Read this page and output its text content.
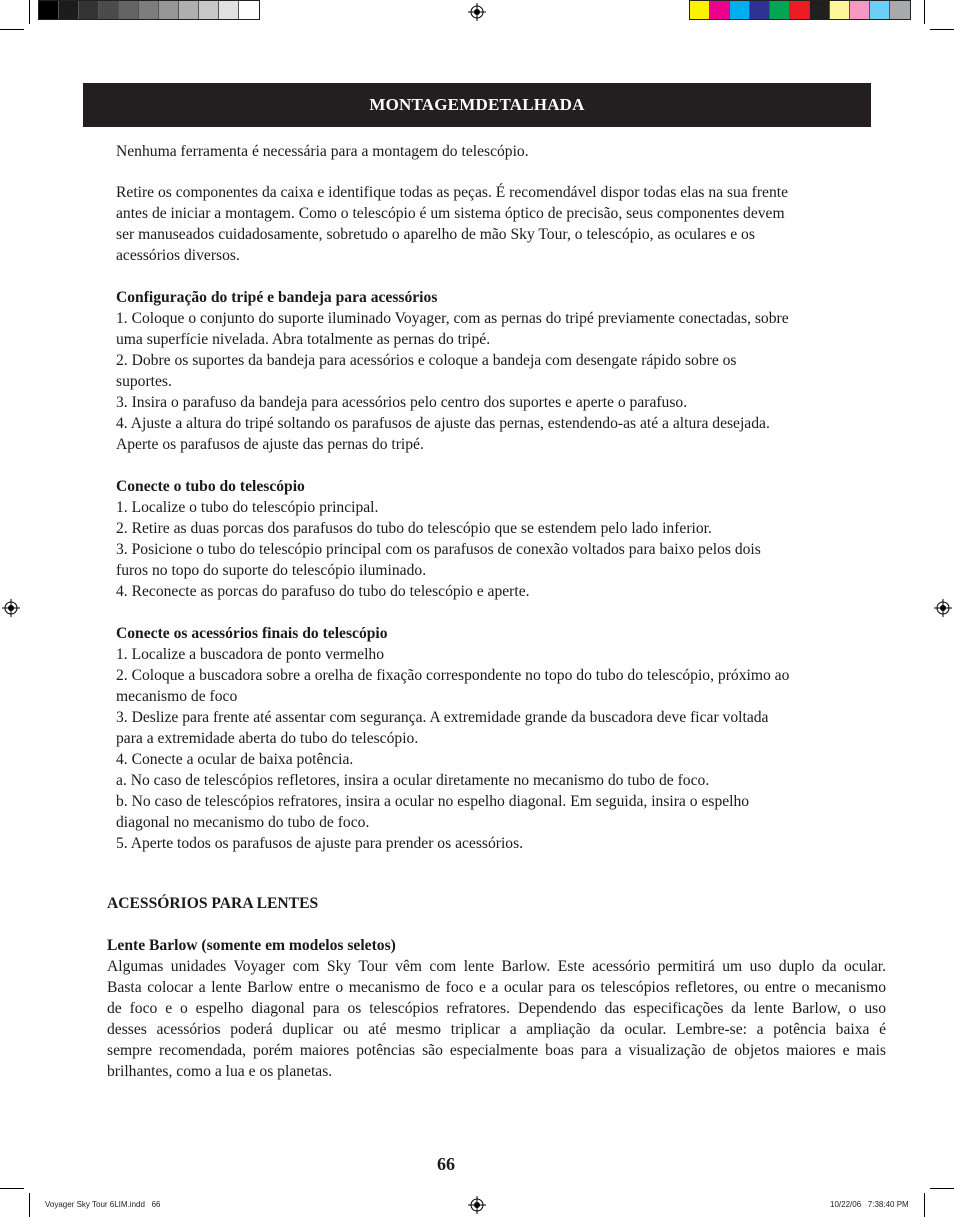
MONTAGEMDETALHADA
Nenhuma ferramenta é necessária para a montagem do telescópio.
Retire os componentes da caixa e identifique todas as peças. É recomendável dispor todas elas na sua frente
antes de iniciar a montagem. Como o telescópio é um sistema óptico de precisão, seus componentes devem
ser manuseados cuidadosamente, sobretudo o aparelho de mão Sky Tour, o telescópio, as oculares e os
acessórios diversos.
Configuração do tripé e bandeja para acessórios
1. Coloque o conjunto do suporte iluminado Voyager, com as pernas do tripé previamente conectadas, sobre
uma superfície nivelada. Abra totalmente as pernas do tripé.
2. Dobre os suportes da bandeja para acessórios e coloque a bandeja com desengate rápido sobre os
suportes.
3. Insira o parafuso da bandeja para acessórios pelo centro dos suportes e aperte o parafuso.
4. Ajuste a altura do tripé soltando os parafusos de ajuste das pernas, estendendo-as até a altura desejada.
Aperte os parafusos de ajuste das pernas do tripé.
Conecte o tubo do telescópio
1. Localize o tubo do telescópio principal.
2. Retire as duas porcas dos parafusos do tubo do telescópio que se estendem pelo lado inferior.
3. Posicione o tubo do telescópio principal com os parafusos de conexão voltados para baixo pelos dois
furos no topo do suporte do telescópio iluminado.
4. Reconecte as porcas do parafuso do tubo do telescópio e aperte.
Conecte os acessórios finais do telescópio
1. Localize a buscadora de ponto vermelho
2. Coloque a buscadora sobre a orelha de fixação correspondente no topo do tubo do telescópio, próximo ao
mecanismo de foco
3. Deslize para frente até assentar com segurança. A extremidade grande da buscadora deve ficar voltada
para a extremidade aberta do tubo do telescópio.
4. Conecte a ocular de baixa potência.
a. No caso de telescópios refletores, insira a ocular diretamente no mecanismo do tubo de foco.
b. No caso de telescópios refratores, insira a ocular no espelho diagonal. Em seguida, insira o espelho
diagonal no mecanismo do tubo de foco.
5. Aperte todos os parafusos de ajuste para prender os acessórios.
ACESSÓRIOS PARA LENTES
Lente Barlow (somente em modelos seletos)
Algumas unidades Voyager com Sky Tour vêm com lente Barlow. Este acessório permitirá um uso duplo da ocular.
Basta colocar a lente Barlow entre o mecanismo de foco e a ocular para os telescópios refletores, ou entre o mecanismo
de foco e o espelho diagonal para os telescópios refratores. Dependendo das especificações da lente Barlow, o uso
desses acessórios poderá duplicar ou até mesmo triplicar a ampliação da ocular. Lembre-se: a potência baixa é
sempre recomendada, porém maiores potências são especialmente boas para a visualização de objetos maiores e mais
brilhantes, como a lua e os planetas.
66
Voyager Sky Tour 6LIM.indd   66	10/22/06   7:38:40 PM
